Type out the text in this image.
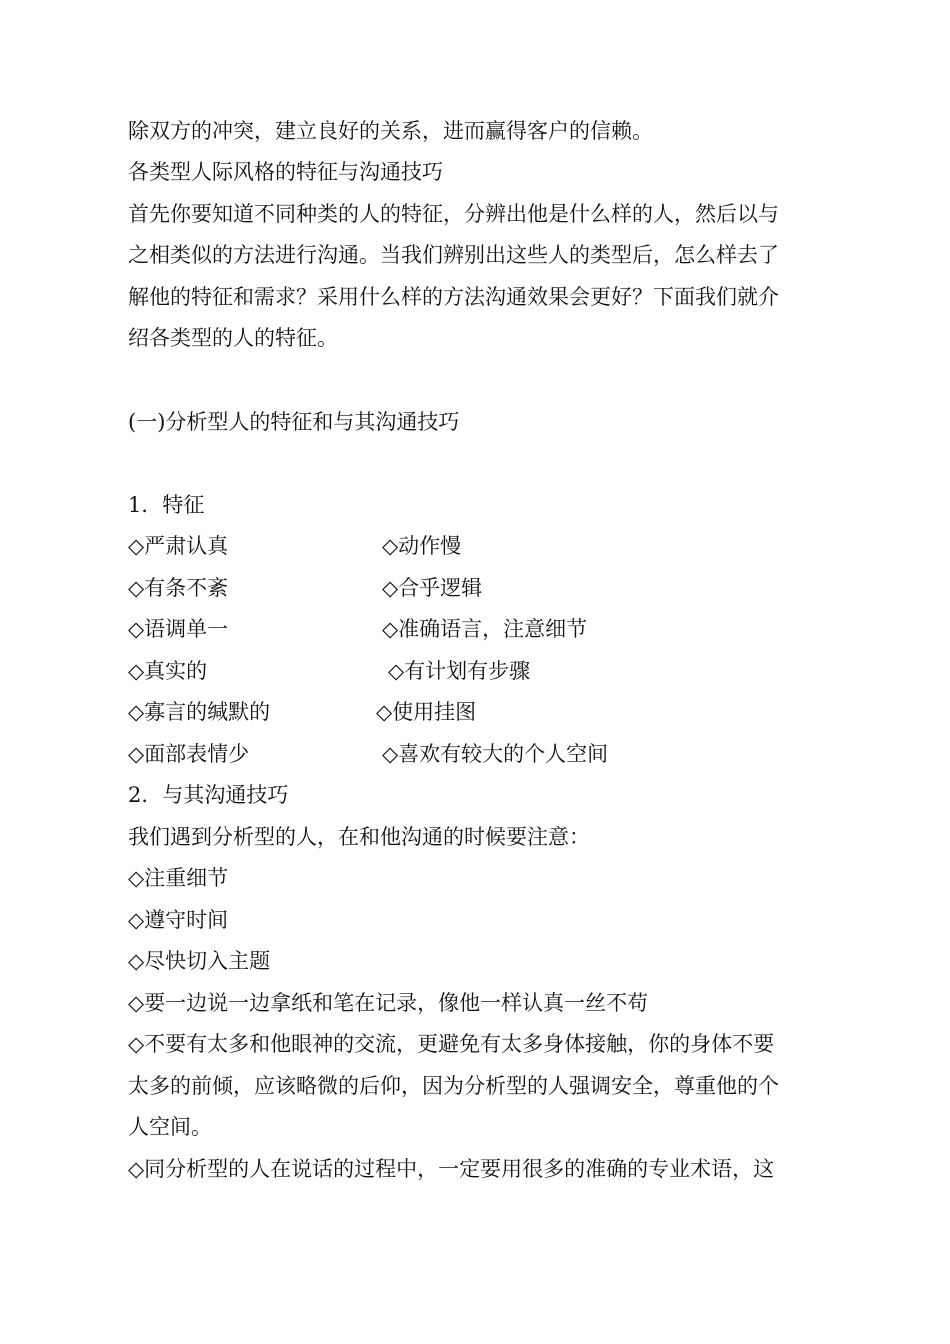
除双方的冲突，建立良好的关系，进而赢得客户的信赖。
各类型人际风格的特征与沟通技巧
首先你要知道不同种类的人的特征，分辨出他是什么样的人，然后以与
之相类似的方法进行沟通。当我们辨别出这些人的类型后，怎么样去了
解他的特征和需求？采用什么样的方法沟通效果会更好？下面我们就介
绍各类型的人的特征。
(一)分析型人的特征和与其沟通技巧
1．特征
◇严肃认真	◇动作慢
◇有条不紊	◇合乎逻辑
◇语调单一	◇准确语言，注意细节
◇真实的	◇有计划有步骤
◇寡言的缄默的	◇使用挂图
◇面部表情少	◇喜欢有较大的个人空间
2．与其沟通技巧
我们遇到分析型的人，在和他沟通的时候要注意：
◇注重细节
◇遵守时间
◇尽快切入主题
◇要一边说一边拿纸和笔在记录，像他一样认真一丝不苟
◇不要有太多和他眼神的交流，更避免有太多身体接触，你的身体不要
太多的前倾，应该略微的后仰，因为分析型的人强调安全，尊重他的个
人空间。
◇同分析型的人在说话的过程中，一定要用很多的准确的专业术语，这
